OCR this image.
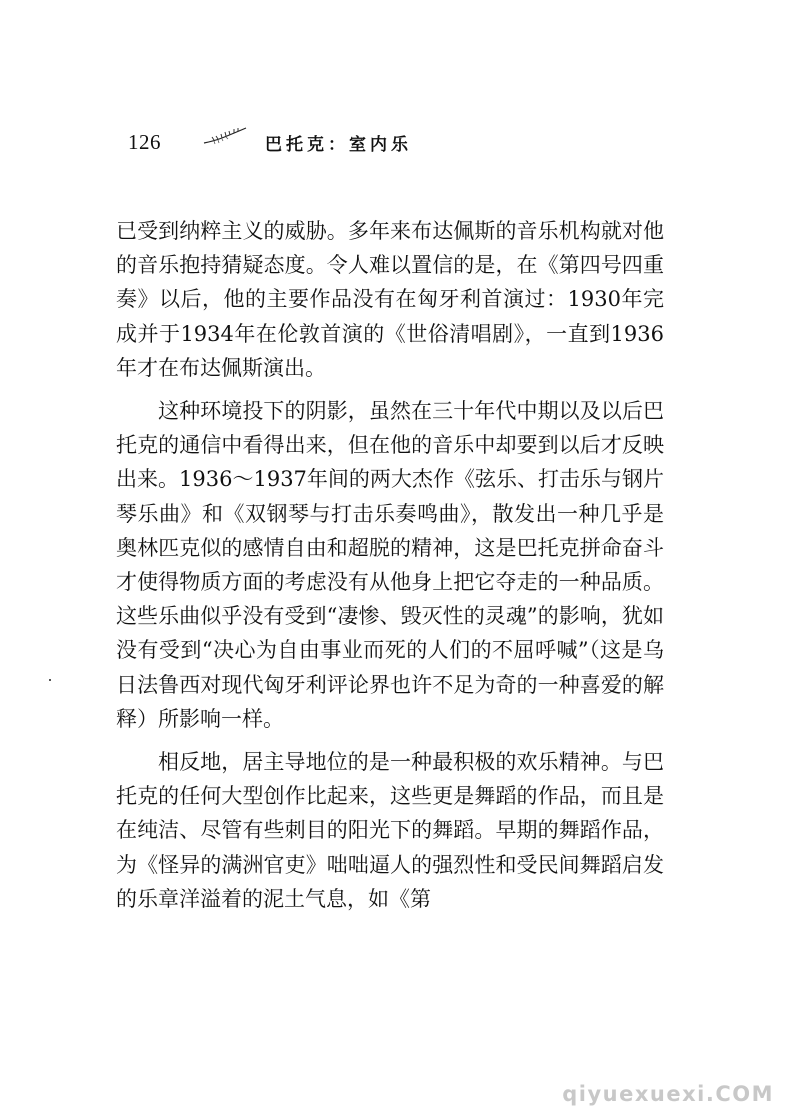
126	巴托克：室内乐

已受到纳粹主义的威胁。多年来布达佩斯的音乐机构就对他的音乐抱持猜疑态度。令人难以置信的是，在《第四号四重奏》以后，他的主要作品没有在匈牙利首演过：1930年完成并于1934年在伦敦首演的《世俗清唱剧》，一直到1936年才在布达佩斯演出。

这种环境投下的阴影，虽然在三十年代中期以及以后巴托克的通信中看得出来，但在他的音乐中却要到以后才反映出来。1936～1937年间的两大杰作《弦乐、打击乐与钢片琴乐曲》和《双钢琴与打击乐奏鸣曲》，散发出一种几乎是奥林匹克似的感情自由和超脱的精神，这是巴托克拼命奋斗才使得物质方面的考虑没有从他身上把它夺走的一种品质。这些乐曲似乎没有受到“凄惨、毁灭性的灵魂”的影响，犹如没有受到“决心为自由事业而死的人们的不屈呼喊”（这是乌日法鲁西对现代匈牙利评论界也许不足为奇的一种喜爱的解释）所影响一样。

相反地，居主导地位的是一种最积极的欢乐精神。与巴托克的任何大型创作比起来，这些更是舞蹈的作品，而且是在纯洁、尽管有些刺目的阳光下的舞蹈。早期的舞蹈作品，为《怪异的满洲官吏》咄咄逼人的强烈性和受民间舞蹈启发的乐章洋溢着的泥土气息，如《第

qiyuexuexi.COM
